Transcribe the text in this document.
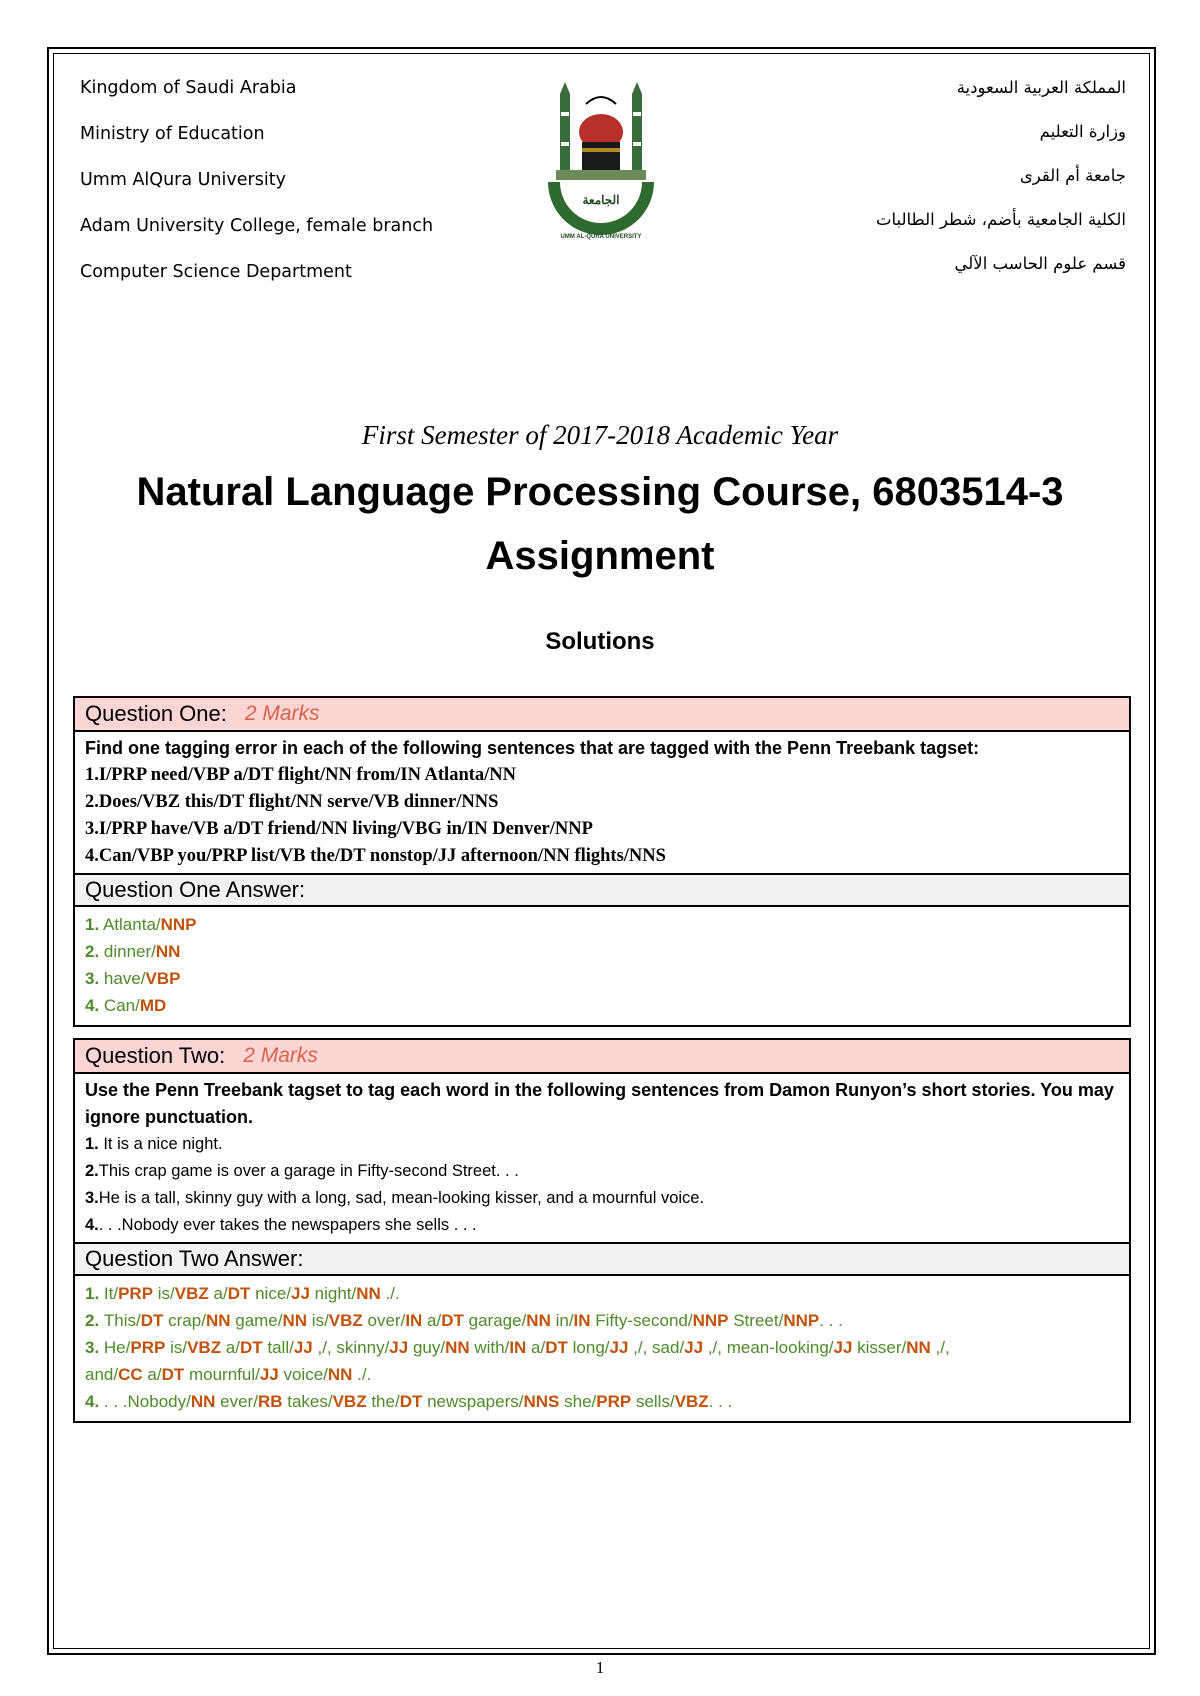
Kingdom of Saudi Arabia
Ministry of Education
Umm AlQura University
Adam University College, female branch
Computer Science Department
الجامعة
UMM AL-QURA UNIVERSITY
المملكة العربية السعودية
وزارة التعليم
جامعة أم القرى
الكلية الجامعية بأضم، شطر الطالبات
قسم علوم الحاسب الآلي
First Semester of 2017-2018 Academic Year
Natural Language Processing Course, 6803514-3
Assignment
Solutions
Question One: 2 Marks
Find one tagging error in each of the following sentences that are tagged with the Penn Treebank tagset:
1.I/PRP need/VBP a/DT flight/NN from/IN Atlanta/NN
2.Does/VBZ this/DT flight/NN serve/VB dinner/NNS
3.I/PRP have/VB a/DT friend/NN living/VBG in/IN Denver/NNP
4.Can/VBP you/PRP list/VB the/DT nonstop/JJ afternoon/NN flights/NNS
Question One Answer:
1. Atlanta/NNP
2. dinner/NN
3. have/VBP
4. Can/MD
Question Two: 2 Marks
Use the Penn Treebank tagset to tag each word in the following sentences from Damon Runyon’s short stories. You may ignore punctuation.
1. It is a nice night.
2.This crap game is over a garage in Fifty-second Street. . .
3.He is a tall, skinny guy with a long, sad, mean-looking kisser, and a mournful voice.
4.. . .Nobody ever takes the newspapers she sells . . .
Question Two Answer:
1. It/PRP is/VBZ a/DT nice/JJ night/NN ./.
2. This/DT crap/NN game/NN is/VBZ over/IN a/DT garage/NN in/IN Fifty-second/NNP Street/NNP. . .
3. He/PRP is/VBZ a/DT tall/JJ ,/, skinny/JJ guy/NN with/IN a/DT long/JJ ,/, sad/JJ ,/, mean-looking/JJ kisser/NN ,/,
and/CC a/DT mournful/JJ voice/NN ./.
4. . . .Nobody/NN ever/RB takes/VBZ the/DT newspapers/NNS she/PRP sells/VBZ. . .
1
